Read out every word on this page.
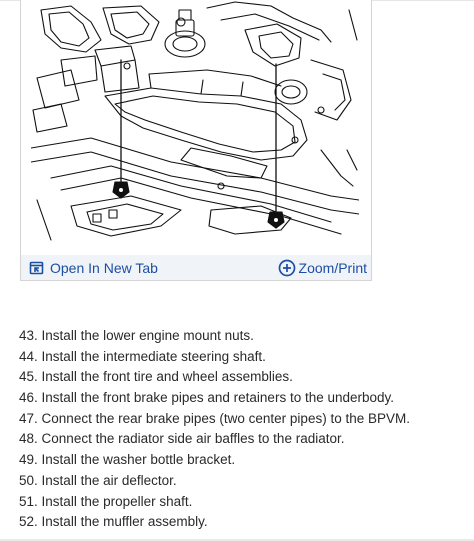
Open In New Tab	Zoom/Print
43. Install the lower engine mount nuts.
44. Install the intermediate steering shaft.
45. Install the front tire and wheel assemblies.
46. Install the front brake pipes and retainers to the underbody.
47. Connect the rear brake pipes (two center pipes) to the BPVM.
48. Connect the radiator side air baffles to the radiator.
49. Install the washer bottle bracket.
50. Install the air deflector.
51. Install the propeller shaft.
52. Install the muffler assembly.
